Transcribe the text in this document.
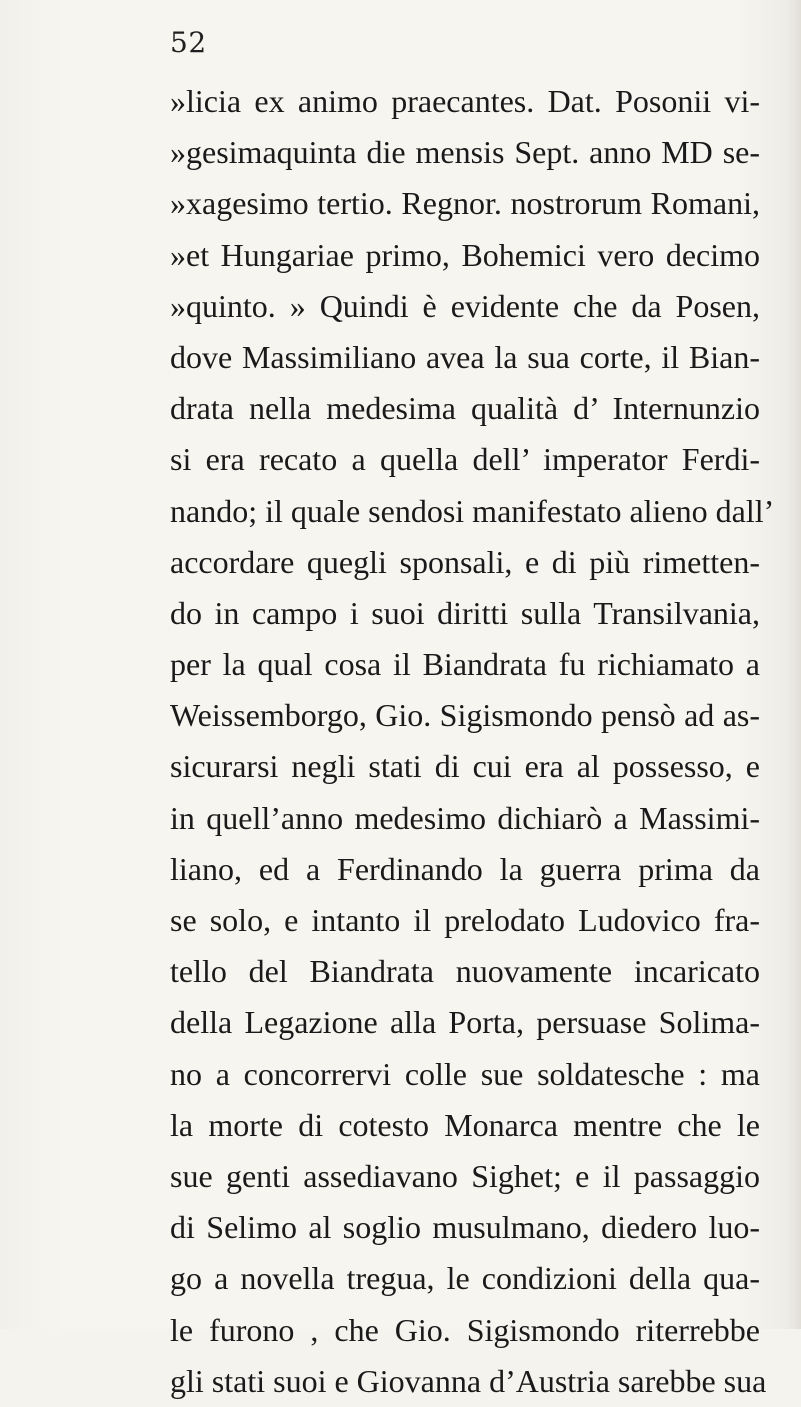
52
»licia ex animo praecantes. Dat. Posonii vi-
»gesimaquinta die mensis Sept. anno MD se-
»xagesimo tertio. Regnor. nostrorum Romani,
»et Hungariae primo, Bohemici vero decimo
»quinto. » Quindi è evidente che da Posen,
dove Massimiliano avea la sua corte, il Bian-
drata nella medesima qualità d’ Internunzio
si era recato a quella dell’ imperator Ferdi-
nando; il quale sendosi manifestato alieno dall’
accordare quegli sponsali, e di più rimetten-
do in campo i suoi diritti sulla Transilvania,
per la qual cosa il Biandrata fu richiamato a
Weissemborgo, Gio. Sigismondo pensò ad as-
sicurarsi negli stati di cui era al possesso, e
in quell’anno medesimo dichiarò a Massimi-
liano, ed a Ferdinando la guerra prima da
se solo, e intanto il prelodato Ludovico fra-
tello del Biandrata nuovamente incaricato
della Legazione alla Porta, persuase Solima-
no a concorrervi colle sue soldatesche : ma
la morte di cotesto Monarca mentre che le
sue genti assediavano Sighet; e il passaggio
di Selimo al soglio musulmano, diedero luo-
go a novella tregua, le condizioni della qua-
le furono , che Gio. Sigismondo riterrebbe
gli stati suoi e Giovanna d’Austria sarebbe sua
